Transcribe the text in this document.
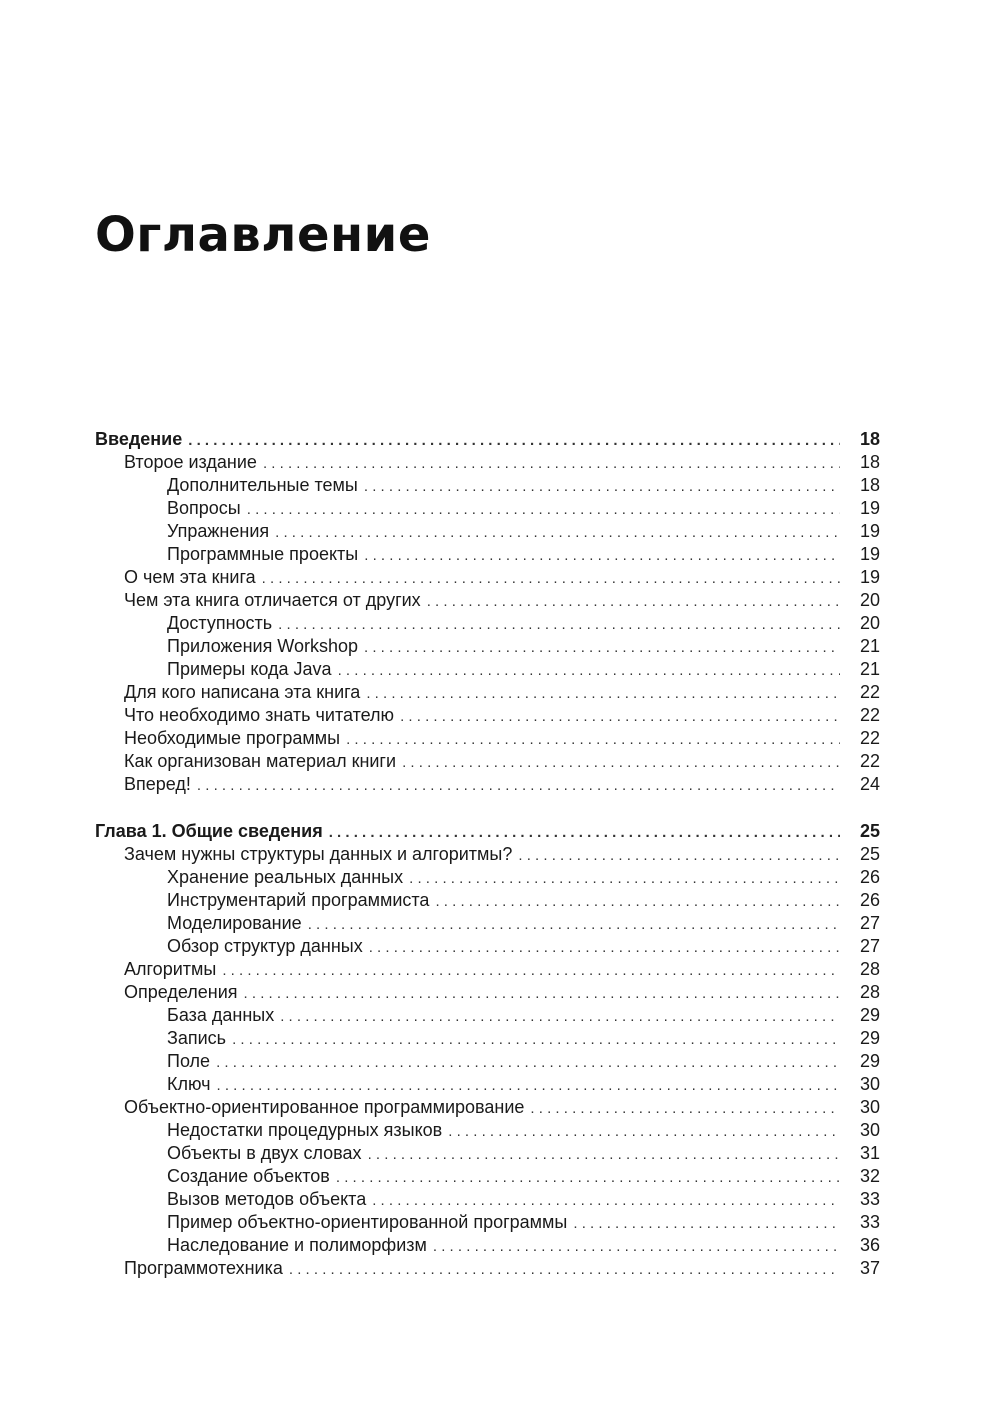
Оглавление
Введение . . .	18
Второе издание . . .	18
Дополнительные темы . . .	18
Вопросы . . .	19
Упражнения . . .	19
Программные проекты . . .	19
О чем эта книга . . .	19
Чем эта книга отличается от других . . .	20
Доступность . . .	20
Приложения Workshop . . .	21
Примеры кода Java . . .	21
Для кого написана эта книга . . .	22
Что необходимо знать читателю . . .	22
Необходимые программы . . .	22
Как организован материал книги . . .	22
Вперед! . . .	24
Глава 1. Общие сведения . . .	25
Зачем нужны структуры данных и алгоритмы? . . .	25
Хранение реальных данных . . .	26
Инструментарий программиста . . .	26
Моделирование . . .	27
Обзор структур данных . . .	27
Алгоритмы . . .	28
Определения . . .	28
База данных . . .	29
Запись . . .	29
Поле . . .	29
Ключ . . .	30
Объектно-ориентированное программирование . . .	30
Недостатки процедурных языков . . .	30
Объекты в двух словах . . .	31
Создание объектов . . .	32
Вызов методов объекта . . .	33
Пример объектно-ориентированной программы . . .	33
Наследование и полиморфизм . . .	36
Программотехника . . .	37
